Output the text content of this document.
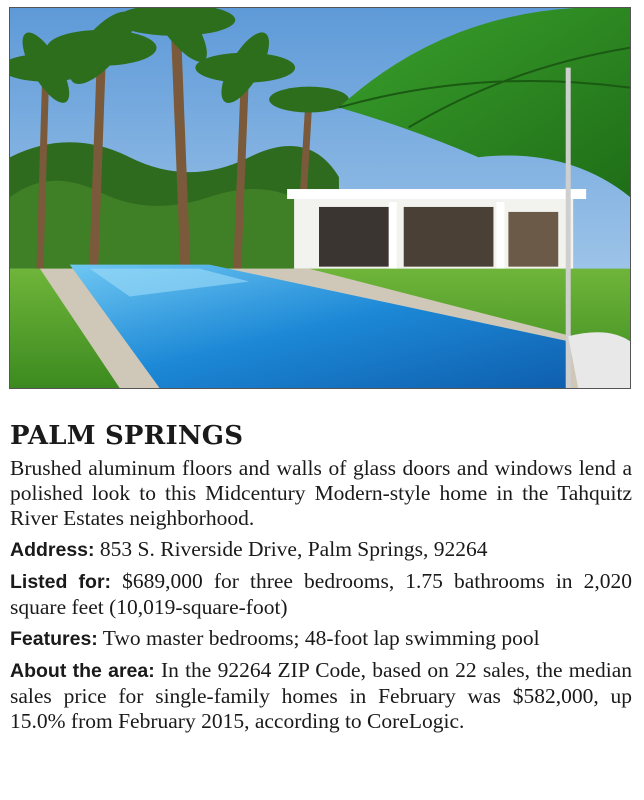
PALM SPRINGS

Brushed aluminum floors and walls of glass doors and windows lend a polished look to this Midcentury Modern-style home in the Tahquitz River Estates neighborhood.

Address: 853 S. Riverside Drive, Palm Springs, 92264

Listed for: $689,000 for three bedrooms, 1.75 bathrooms in 2,020 square feet (10,019-square-foot)

Features: Two master bedrooms; 48-foot lap swimming pool

About the area: In the 92264 ZIP Code, based on 22 sales, the median sales price for single-family homes in February was $582,000, up 15.0% from February 2015, according to CoreLogic.
